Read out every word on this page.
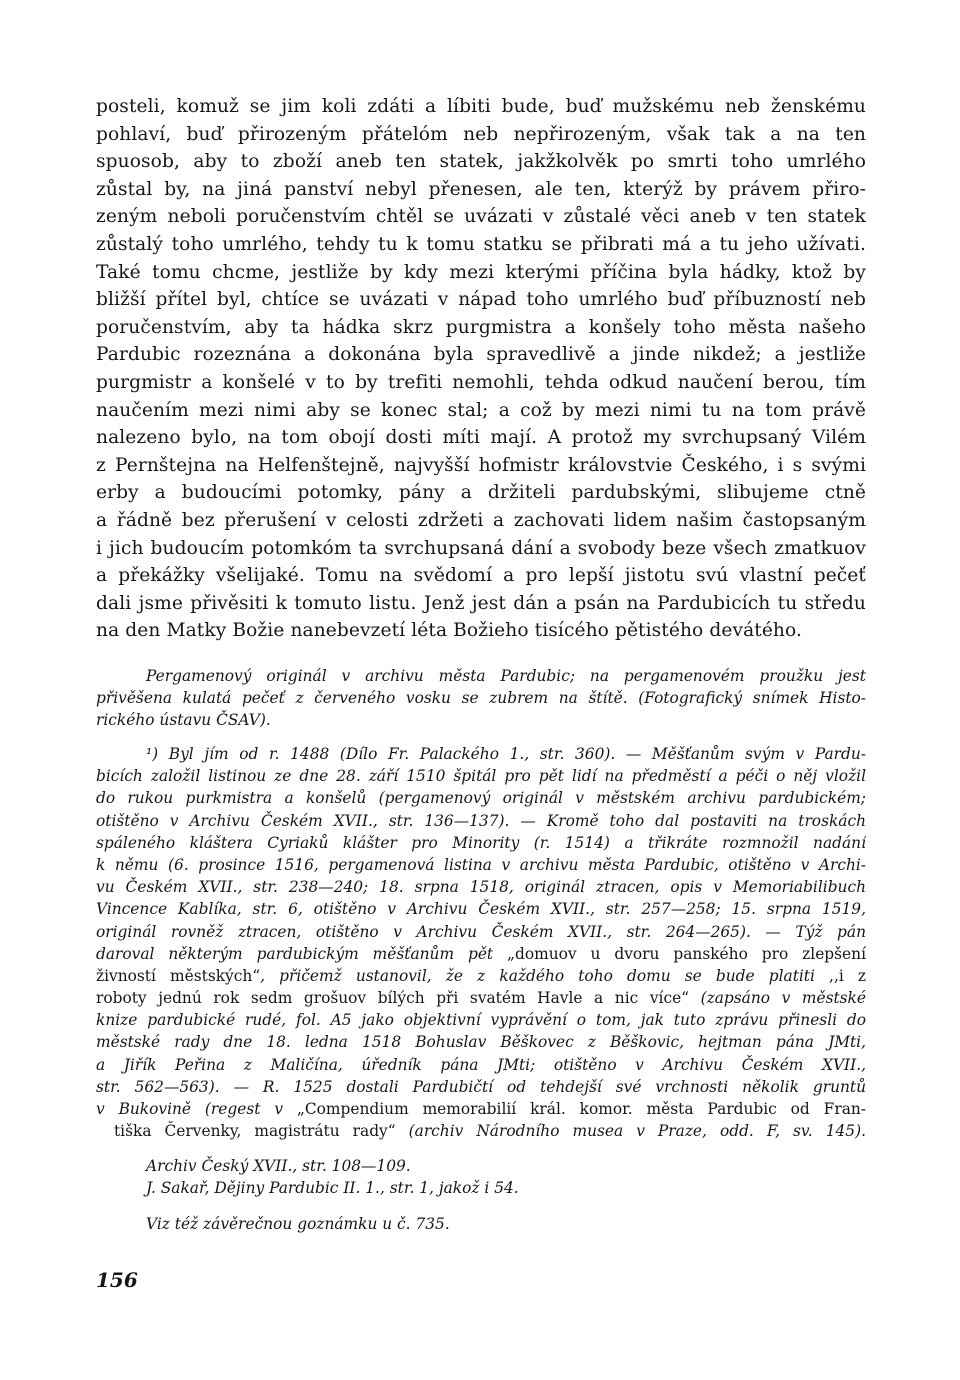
posteli, komuž se jim koli zdáti a líbiti bude, buď mužskému neb ženskému
pohlaví, buď přirozeným přátelóm neb nepřirozeným, však tak a na ten
spuosob, aby to zboží aneb ten statek, jakžkolvěk po smrti toho umrlého
zůstal by, na jiná panství nebyl přenesen, ale ten, kterýž by právem přiro-
zeným neboli poručenstvím chtěl se uvázati v zůstalé věci aneb v ten statek
zůstalý toho umrlého, tehdy tu k tomu statku se přibrati má a tu jeho užívati.
Také tomu chcme, jestliže by kdy mezi kterými příčina byla hádky, ktož by
bližší přítel byl, chtíce se uvázati v nápad toho umrlého buď příbuzností neb
poručenstvím, aby ta hádka skrz purgmistra a konšely toho města našeho
Pardubic rozeznána a dokonána byla spravedlivě a jinde nikdež; a jestliže
purgmistr a konšelé v to by trefiti nemohli, tehda odkud naučení berou, tím
naučením mezi nimi aby se konec stal; a což by mezi nimi tu na tom právě
nalezeno bylo, na tom obojí dosti míti mají. A protož my svrchupsaný Vilém
z Pernštejna na Helfenštejně, najvyšší hofmistr královstvie Českého, i s svými
erby a budoucími potomky, pány a držiteli pardubskými, slibujeme ctně
a řádně bez přerušení v celosti zdržeti a zachovati lidem našim častopsaným
i jich budoucím potomkóm ta svrchupsaná dání a svobody beze všech zmatkuov
a překážky všelijaké. Tomu na svědomí a pro lepší jistotu svú vlastní pečeť
dali jsme přivěsiti k tomuto listu. Jenž jest dán a psán na Pardubicích tu středu
na den Matky Božie nanebevzetí léta Božieho tisícého pětistého devátého.
Pergamenový originál v archivu města Pardubic; na pergamenovém proužku jest
přivěšena kulatá pečeť z červeného vosku se zubrem na štítě. (Fotografický snímek Histo-
rického ústavu ČSAV).
¹) Byl jím od r. 1488 (Dílo Fr. Palackého 1., str. 360). — Měšťanům svým v Pardu-
bicích založil listinou ze dne 28. září 1510 špitál pro pět lidí na předměstí a péči o něj vložil
do rukou purkmistra a konšelů (pergamenový originál v městském archivu pardubickém;
otištěno v Archivu Českém XVII., str. 136—137). — Kromě toho dal postaviti na troskách
spáleného kláštera Cyriaků klášter pro Minority (r. 1514) a třikráte rozmnožil nadání
k němu (6. prosince 1516, pergamenová listina v archivu města Pardubic, otištěno v Archi-
vu Českém XVII., str. 238—240; 18. srpna 1518, originál ztracen, opis v Memoriabilibuch
Vincence Kablíka, str. 6, otištěno v Archivu Českém XVII., str. 257—258; 15. srpna 1519,
originál rovněž ztracen, otištěno v Archivu Českém XVII., str. 264—265). — Týž pán
daroval některým pardubickým měšťanům pět „domuov u dvoru panského pro zlepšení
živností městských“, přičemž ustanovil, že z každého toho domu se bude platiti ,,i z
roboty jednú rok sedm grošuov bílých při svatém Havle a nic více“ (zapsáno v městské
knize pardubické rudé, fol. A5 jako objektivní vyprávění o tom, jak tuto zprávu přinesli do
městské rady dne 18. ledna 1518 Bohuslav Běškovec z Běškovic, hejtman pána JMti,
a Jiřík Peřina z Maličína, úředník pána JMti; otištěno v Archivu Českém XVII.,
str. 562—563). — R. 1525 dostali Pardubičtí od tehdejší své vrchnosti několik gruntů
v Bukovině (regest v „Compendium memorabilií král. komor. města Pardubic od Fran-
tiška Červenky, magistrátu rady“ (archiv Národního musea v Praze, odd. F, sv. 145).
Archiv Český XVII., str. 108—109.
J. Sakař, Dějiny Pardubic II. 1., str. 1, jakož i 54.
Viz též závěrečnou goznámku u č. 735.
156
